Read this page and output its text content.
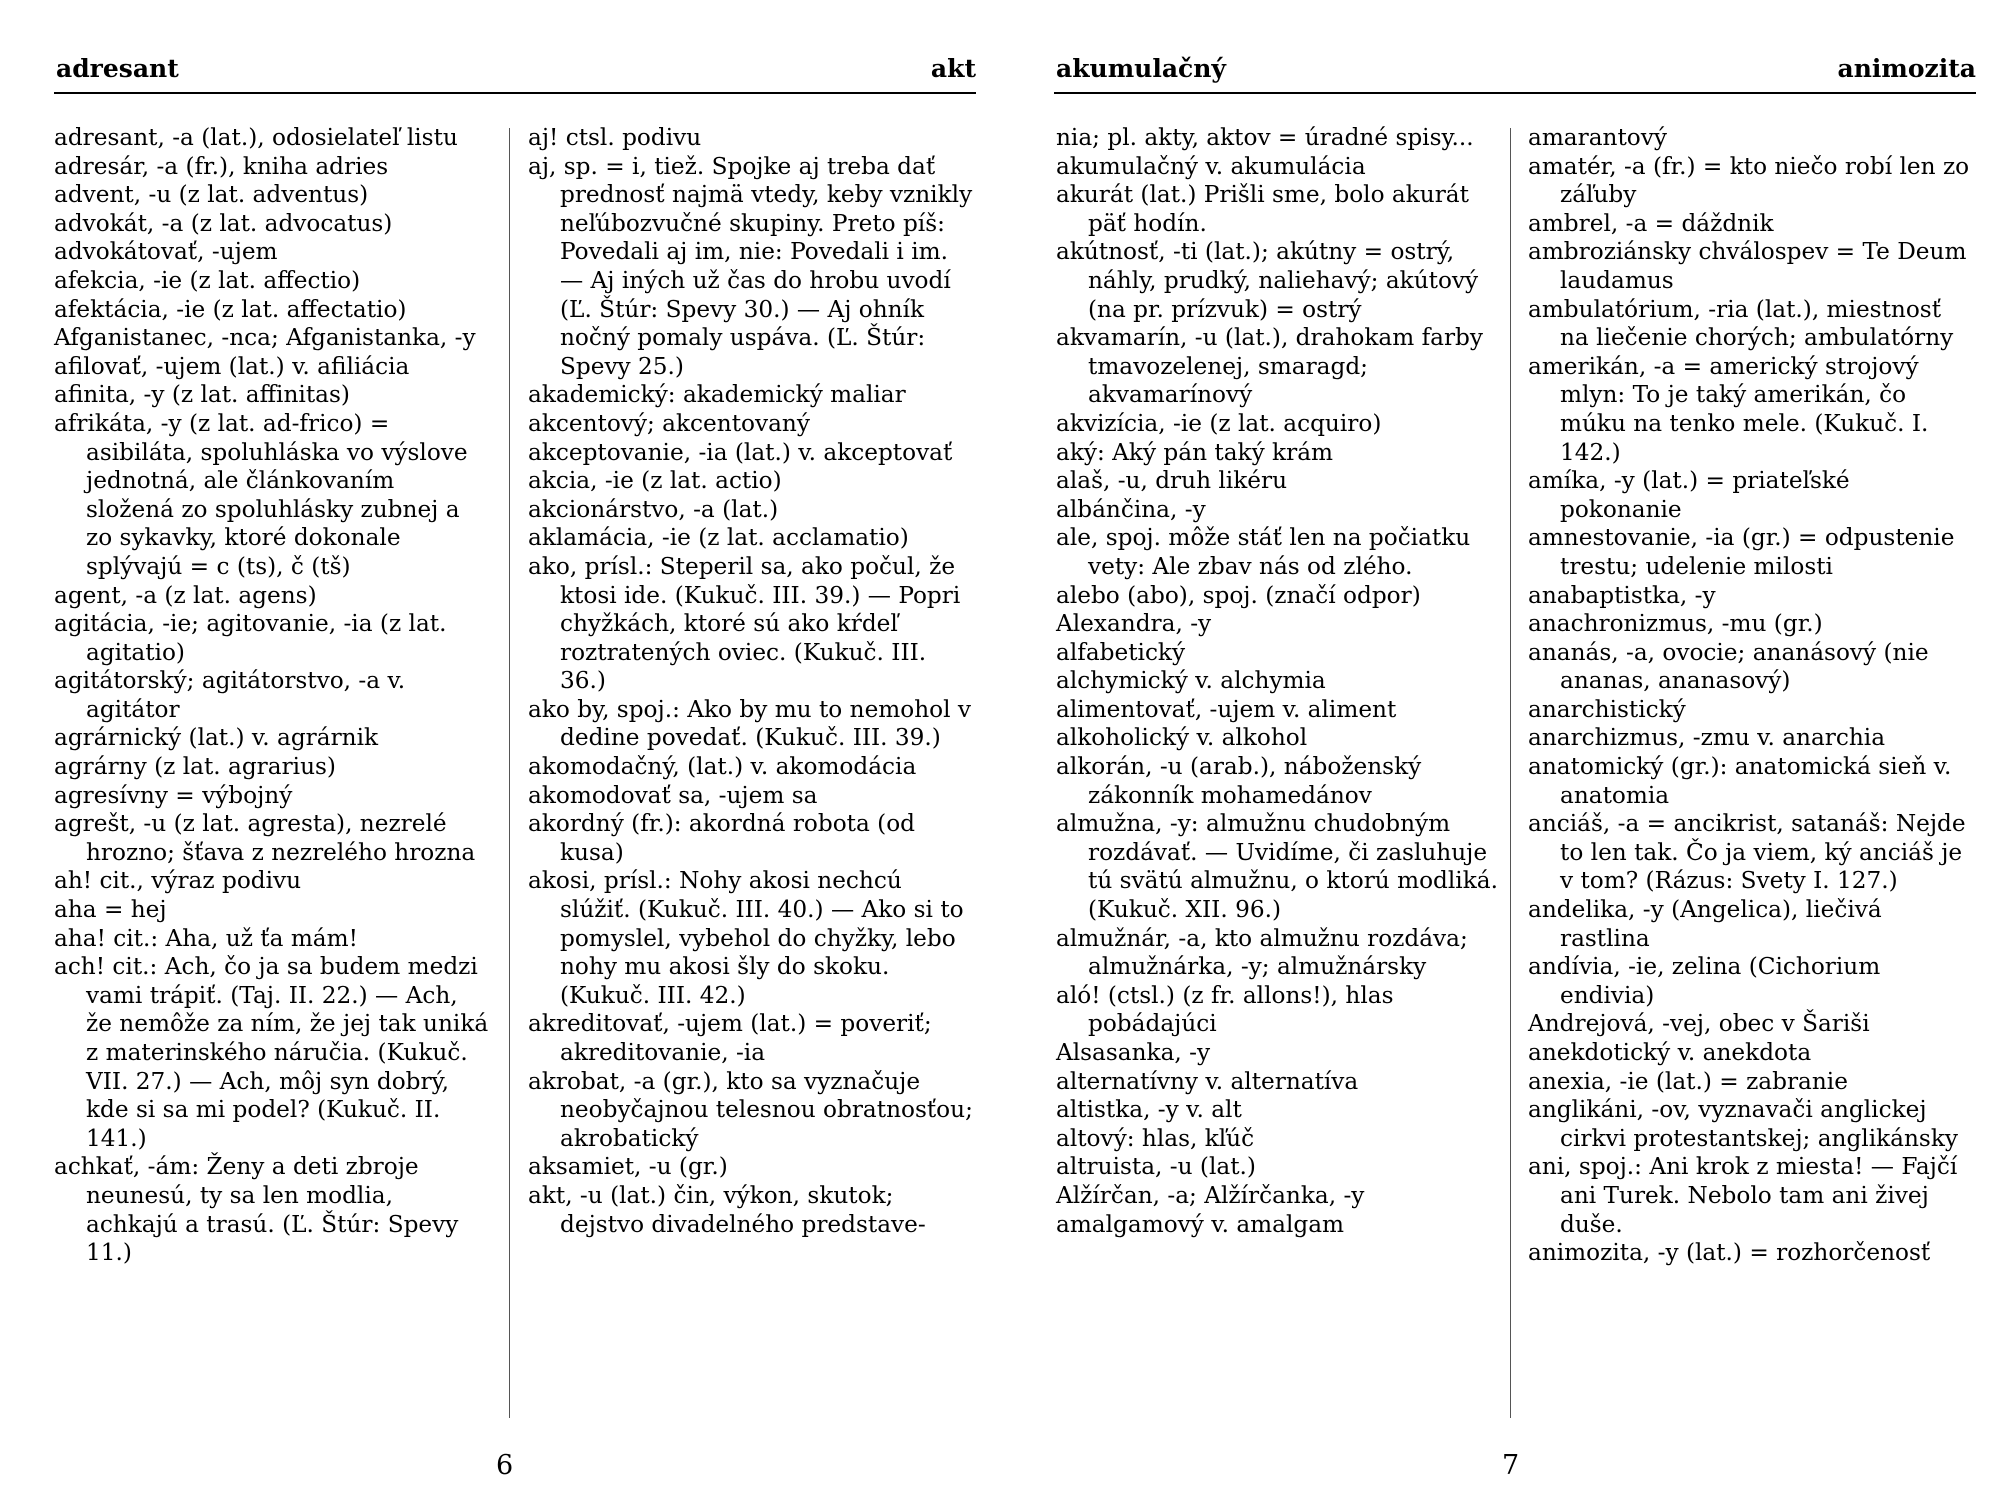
adresant	akt
adresant, -a (lat.), odosielateľ listu
adresár, -a (fr.), kniha adries
advent, -u (z lat. adventus)
advokát, -a (z lat. advocatus)
advokátovať, -ujem
afekcia, -ie (z lat. affectio)
afektácia, -ie (z lat. affectatio)
Afganistanec, -nca; Afganistanka, -y
afilovať, -ujem (lat.) v. afiliácia
afinita, -y (z lat. affinitas)
afrikáta, -y (z lat. ad-frico) = asibiláta, spoluhláska vo výslove jednotná, ale článkovaním složená zo spoluhlásky zubnej a zo sykavky, ktoré dokonale splývajú = c (ts), č (tš)
agent, -a (z lat. agens)
agitácia, -ie; agitovanie, -ia (z lat. agitatio)
agitátorský; agitátorstvo, -a v. agitátor
agrárnický (lat.) v. agrárnik
agrárny (z lat. agrarius)
agresívny = výbojný
agrešt, -u (z lat. agresta), nezrelé hrozno; šťava z nezrelého hrozna
ah! cit., výraz podivu
aha = hej
aha! cit.: Aha, už ťa mám!
ach! cit.: Ach, čo ja sa budem medzi vami trápiť. (Taj. II. 22.) — Ach, že nemôže za ním, že jej tak uniká z materinského náručia. (Kukuč. VII. 27.) — Ach, môj syn dobrý, kde si sa mi podel? (Kukuč. II. 141.)
achkať, -ám: Ženy a deti zbroje neunesú, ty sa len modlia, achkajú a trasú. (Ľ. Štúr: Spevy 11.)
aj! ctsl. podivu
aj, sp. = i, tiež. Spojke aj treba dať prednosť najmä vtedy, keby vznikly neľúbozvučné skupiny. Preto píš: Povedali aj im, nie: Povedali i im. — Aj iných už čas do hrobu uvodí (Ľ. Štúr: Spevy 30.) — Aj ohník nočný pomaly uspáva. (Ľ. Štúr: Spevy 25.)
akademický: akademický maliar
akcentový; akcentovaný
akceptovanie, -ia (lat.) v. akceptovať
akcia, -ie (z lat. actio)
akcionárstvo, -a (lat.)
aklamácia, -ie (z lat. acclamatio)
ako, prísl.: Steperil sa, ako počul, že ktosi ide. (Kukuč. III. 39.) — Popri chyžkách, ktoré sú ako kŕdeľ roztratených oviec. (Kukuč. III. 36.)
ako by, spoj.: Ako by mu to nemohol v dedine povedať. (Kukuč. III. 39.)
akomodačný, (lat.) v. akomodácia
akomodovať sa, -ujem sa
akordný (fr.): akordná robota (od kusa)
akosi, prísl.: Nohy akosi nechcú slúžiť. (Kukuč. III. 40.) — Ako si to pomyslel, vybehol do chyžky, lebo nohy mu akosi šly do skoku. (Kukuč. III. 42.)
akreditovať, -ujem (lat.) = poveriť; akreditovanie, -ia
akrobat, -a (gr.), kto sa vyznačuje neobyčajnou telesnou obratnosťou; akrobatický
aksamiet, -u (gr.)
akt, -u (lat.) čin, výkon, skutok; dejstvo divadelného predstave-
6
akumulačný	animozita
nia; pl. akty, aktov = úradné spisy...
akumulačný v. akumulácia
akurát (lat.) Prišli sme, bolo akurát päť hodín.
akútnosť, -ti (lat.); akútny = ostrý, náhly, prudký, naliehavý; akútový (na pr. prízvuk) = ostrý
akvamarín, -u (lat.), drahokam farby tmavozelenej, smaragd; akvamarínový
akvizícia, -ie (z lat. acquiro)
aký: Aký pán taký krám
alaš, -u, druh likéru
albánčina, -y
ale, spoj. môže stáť len na počiatku vety: Ale zbav nás od zlého.
alebo (abo), spoj. (značí odpor)
Alexandra, -y
alfabetický
alchymický v. alchymia
alimentovať, -ujem v. aliment
alkoholický v. alkohol
alkorán, -u (arab.), náboženský zákonník mohamedánov
almužna, -y: almužnu chudobným rozdávať. — Uvidíme, či zasluhuje tú svätú almužnu, o ktorú modliká. (Kukuč. XII. 96.)
almužnár, -a, kto almužnu rozdáva; almužnárka, -y; almužnársky
aló! (ctsl.) (z fr. allons!), hlas pobádajúci
Alsasanka, -y
alternatívny v. alternatíva
altistka, -y v. alt
altový: hlas, kľúč
altruista, -u (lat.)
Alžírčan, -a; Alžírčanka, -y
amalgamový v. amalgam
amarantový
amatér, -a (fr.) = kto niečo robí len zo záľuby
ambrel, -a = dáždnik
ambroziánsky chválospev = Te Deum laudamus
ambulatórium, -ria (lat.), miestnosť na liečenie chorých; ambulatórny
amerikán, -a = americký strojový mlyn: To je taký amerikán, čo múku na tenko mele. (Kukuč. I. 142.)
amíka, -y (lat.) = priateľské pokonanie
amnestovanie, -ia (gr.) = odpustenie trestu; udelenie milosti
anabaptistka, -y
anachronizmus, -mu (gr.)
ananás, -a, ovocie; ananásový (nie ananas, ananasový)
anarchistický
anarchizmus, -zmu v. anarchia
anatomický (gr.): anatomická sieň v. anatomia
anciáš, -a = ancikrist, satanáš: Nejde to len tak. Čo ja viem, ký anciáš je v tom? (Rázus: Svety I. 127.)
andelika, -y (Angelica), liečivá rastlina
andívia, -ie, zelina (Cichorium endivia)
Andrejová, -vej, obec v Šariši
anekdotický v. anekdota
anexia, -ie (lat.) = zabranie
anglikáni, -ov, vyznavači anglickej cirkvi protestantskej; anglikánsky
ani, spoj.: Ani krok z miesta! — Fajčí ani Turek. Nebolo tam ani živej duše.
animozita, -y (lat.) = rozhorčenosť
7
